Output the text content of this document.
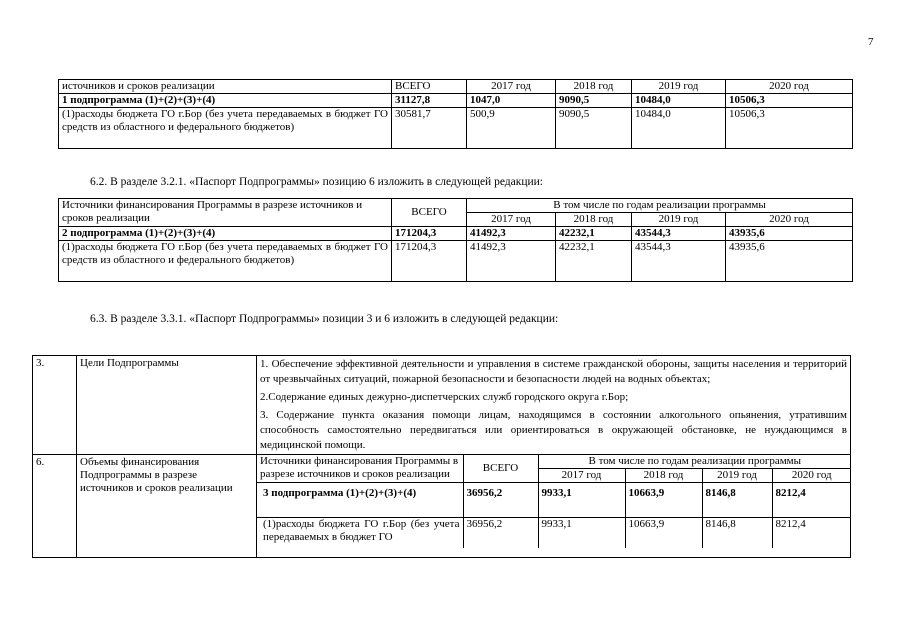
7
источников и сроков реализации	ВСЕГО	2017 год	2018 год	2019 год	2020 год
1 подпрограмма (1)+(2)+(3)+(4)	31127,8	1047,0	9090,5	10484,0	10506,3
(1)расходы бюджета ГО г.Бор (без учета передаваемых в бюджет ГО средств из областного и федерального бюджетов)	30581,7	500,9	9090,5	10484,0	10506,3
6.2. В разделе 3.2.1. «Паспорт Подпрограммы» позицию 6 изложить в следующей редакции:
Источники финансирования Программы в разрезе источников и сроков реализации	ВСЕГО	В том числе по годам реализации программы			
		2017 год	2018 год	2019 год	2020 год
2 подпрограмма (1)+(2)+(3)+(4)	171204,3	41492,3	42232,1	43544,3	43935,6
(1)расходы бюджета ГО г.Бор (без учета передаваемых в бюджет ГО средств из областного и федерального бюджетов)	171204,3	41492,3	42232,1	43544,3	43935,6
6.3. В разделе 3.3.1. «Паспорт Подпрограммы» позиции 3 и 6 изложить в следующей редакции:
3.	Цели Подпрограммы	1. Обеспечение эффективной деятельности и управления в системе гражданской обороны, защиты населения и территорий от чрезвычайных ситуаций, пожарной безопасности и безопасности людей на водных объектах;

2.Содержание единых дежурно-диспетчерских служб городского округа г.Бор;

3. Содержание пункта оказания помощи лицам, находящимся в состоянии алкогольного опьянения, утратившим способность самостоятельно передвигаться или ориентироваться в окружающей обстановке, не нуждающимся в медицинской помощи.

6.	Объемы финансирования Подпрограммы в разрезе источников и сроков реализации	
Источники финансирования Программы в разрезе источников и сроков реализации	ВСЕГО	В том числе по годам реализации программы
2017 год	2018 год	2019 год	2020 год
3 подпрограмма (1)+(2)+(3)+(4)	36956,2	9933,1	10663,9	8146,8	8212,4
(1)расходы бюджета ГО г.Бор (без учета передаваемых в бюджет ГО	36956,2	9933,1	10663,9	8146,8	8212,4
